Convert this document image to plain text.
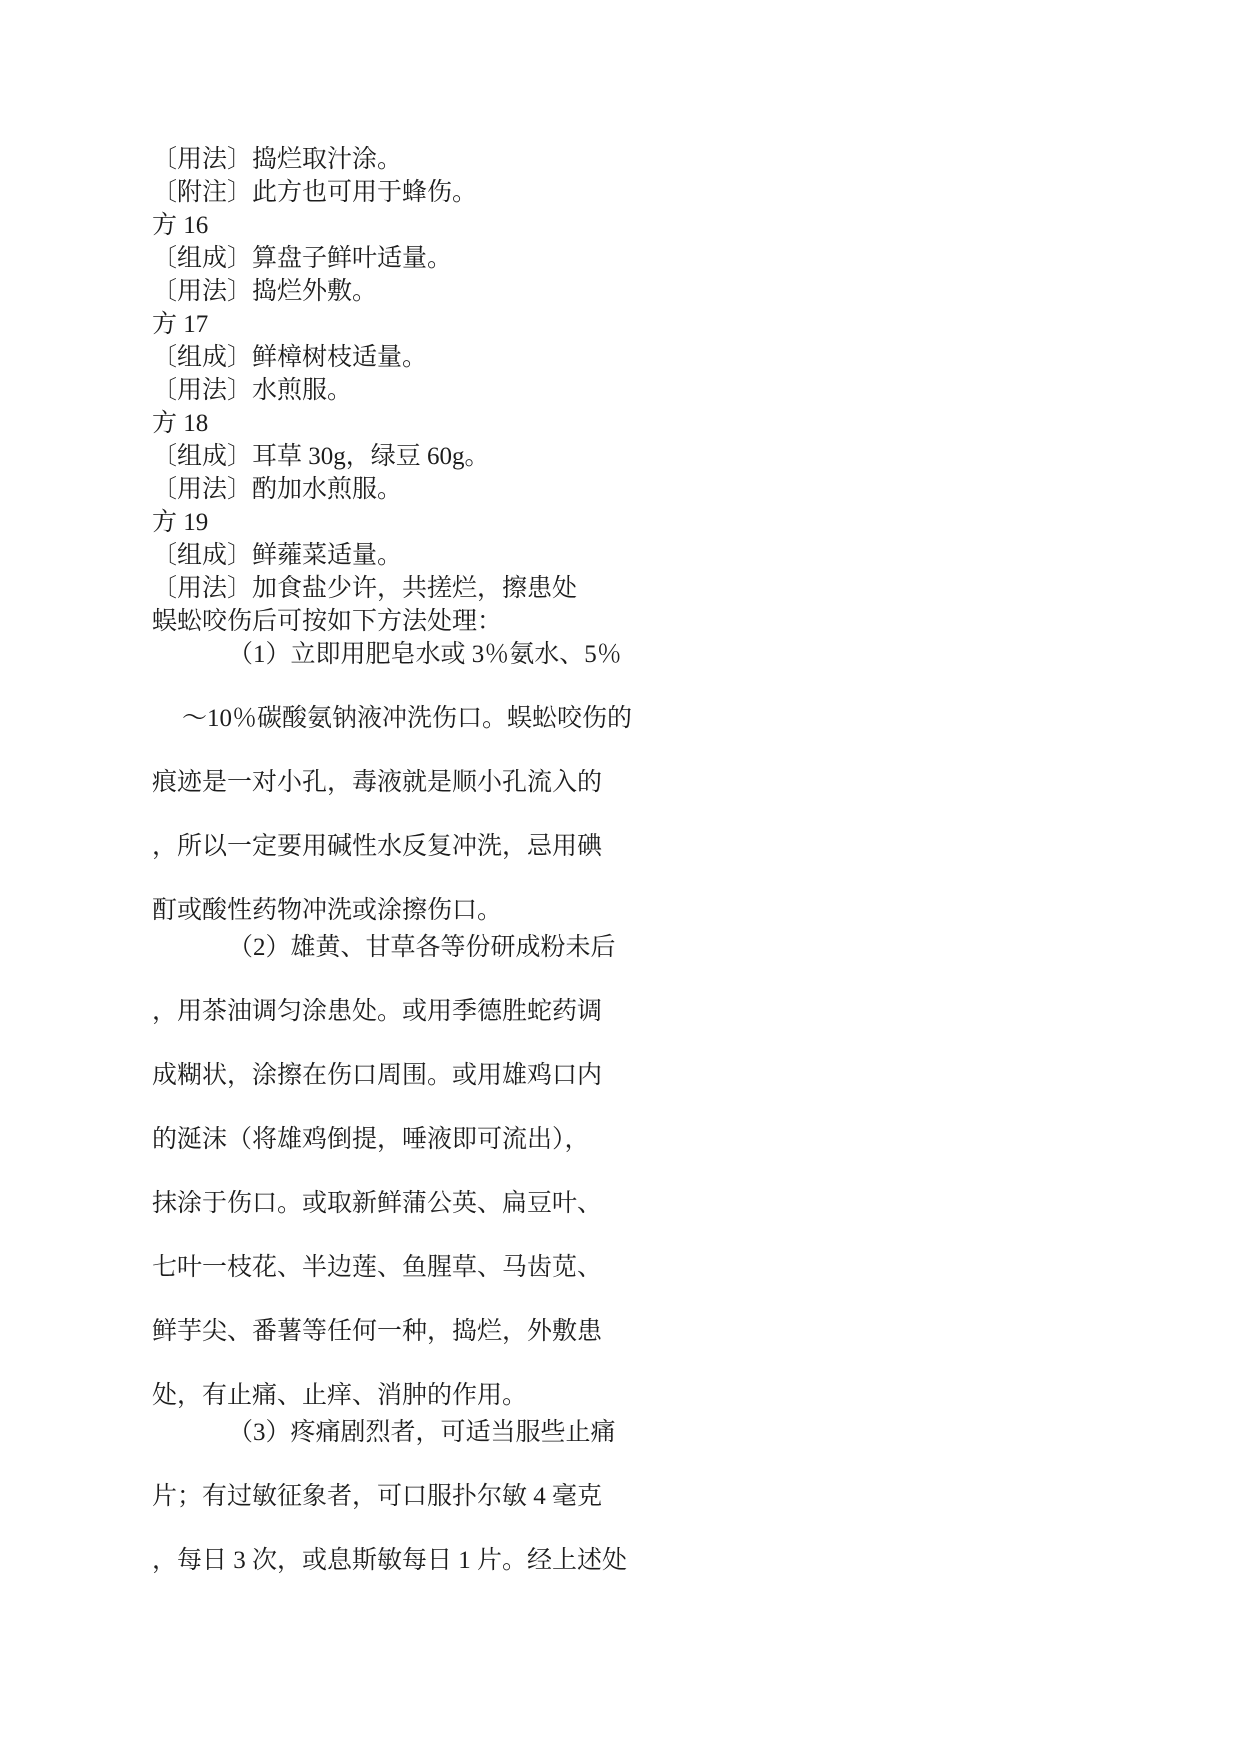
〔用法〕捣烂取汁涂。
〔附注〕此方也可用于蜂伤。
方 16
〔组成〕算盘子鲜叶适量。
〔用法〕捣烂外敷。
方 17
〔组成〕鲜樟树枝适量。
〔用法〕水煎服。
方 18
〔组成〕耳草 30g，绿豆 60g。
〔用法〕酌加水煎服。
方 19
〔组成〕鲜蕹菜适量。
〔用法〕加食盐少许，共搓烂，擦患处
蜈蚣咬伤后可按如下方法处理：
（1）立即用肥皂水或 3％氨水、5％
～10％碳酸氨钠液冲洗伤口。蜈蚣咬伤的
痕迹是一对小孔，毒液就是顺小孔流入的
，所以一定要用碱性水反复冲洗，忌用碘
酊或酸性药物冲洗或涂擦伤口。
（2）雄黄、甘草各等份研成粉未后
，用茶油调匀涂患处。或用季德胜蛇药调
成糊状，涂擦在伤口周围。或用雄鸡口内
的涎沫（将雄鸡倒提，唾液即可流出），
抹涂于伤口。或取新鲜蒲公英、扁豆叶、
七叶一枝花、半边莲、鱼腥草、马齿苋、
鲜芋尖、番薯等任何一种，捣烂，外敷患
处，有止痛、止痒、消肿的作用。
（3）疼痛剧烈者，可适当服些止痛
片；有过敏征象者，可口服扑尔敏 4 毫克
，每日 3 次，或息斯敏每日 1 片。经上述处
